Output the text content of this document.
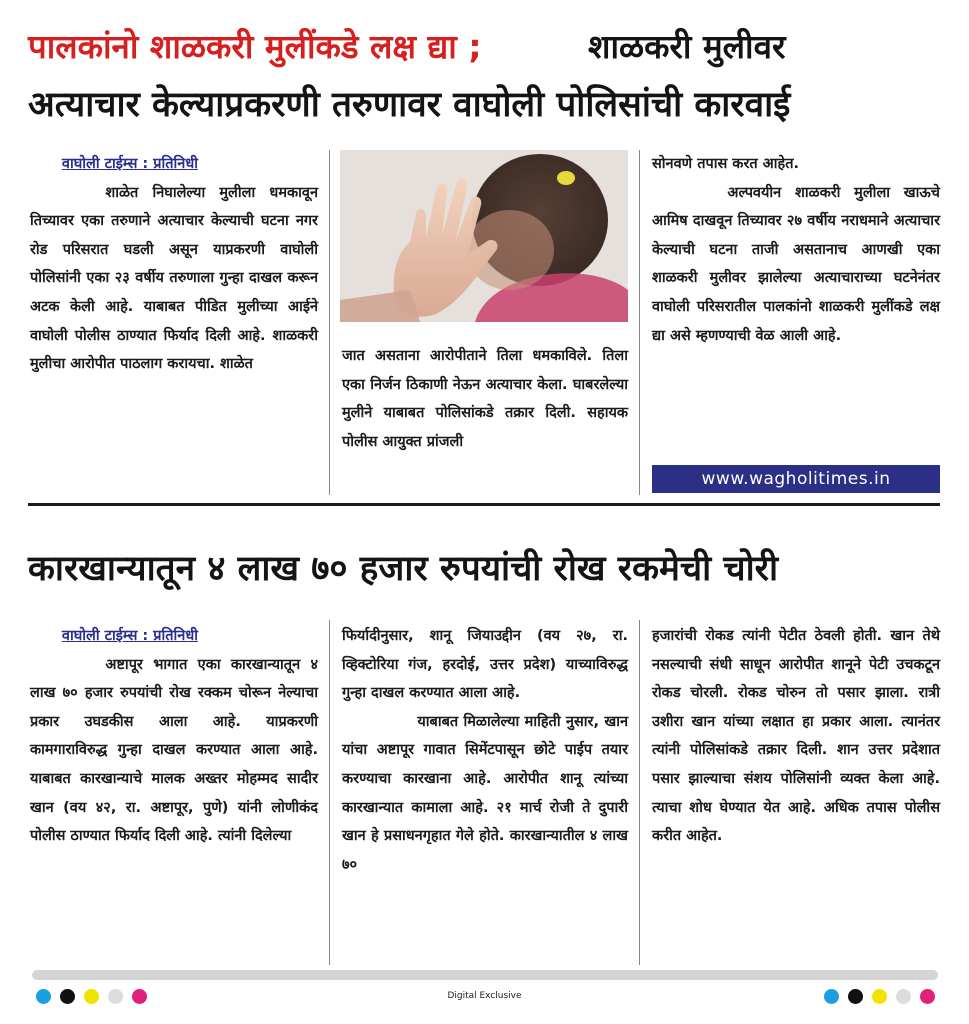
पालकांनो शाळकरी मुलींकडे लक्ष द्या ;	शाळकरी मुलीवर
अत्याचार केल्याप्रकरणी तरुणावर वाघोली पोलिसांची कारवाई
वाघोली टाईम्स : प्रतिनिधी

शाळेत निघालेल्या मुलीला धमकावून तिच्यावर एका तरुणाने अत्याचार केल्याची घटना नगर रोड परिसरात घडली असून याप्रकरणी वाघोली पोलिसांनी एका २३ वर्षीय तरुणाला गुन्हा दाखल करून अटक केली आहे. याबाबत पीडित मुलीच्या आईने वाघोली पोलीस ठाण्यात फिर्याद दिली आहे. शाळकरी मुलीचा आरोपीत पाठलाग करायचा. शाळेत

जात असताना आरोपीताने तिला धमकाविले. तिला एका निर्जन ठिकाणी नेऊन अत्याचार केला. घाबरलेल्या मुलीने याबाबत पोलिसांकडे तक्रार दिली. सहायक पोलीस आयुक्त प्रांजली

सोनवणे तपास करत आहेत.

अल्पवयीन शाळकरी मुलीला खाऊचे आमिष दाखवून तिच्यावर २७ वर्षीय नराधमाने अत्याचार केल्याची घटना ताजी असतानाच आणखी एका शाळकरी मुलीवर झालेल्या अत्याचाराच्या घटनेनंतर वाघोली परिसरातील पालकांनो शाळकरी मुलींकडे लक्ष द्या असे म्हणण्याची वेळ आली आहे.

www.wagholitimes.in
कारखान्यातून ४ लाख ७० हजार रुपयांची रोख रकमेची चोरी
वाघोली टाईम्स : प्रतिनिधी

अष्टापूर भागात एका कारखान्यातून ४ लाख ७० हजार रुपयांची रोख रक्कम चोरून नेल्याचा प्रकार उघडकीस आला आहे. याप्रकरणी कामगाराविरुद्ध गुन्हा दाखल करण्यात आला आहे. याबाबत कारखान्याचे मालक अख्तर मोहम्मद सादीर खान (वय ४२, रा. अष्टापूर, पुणे) यांनी लोणीकंद पोलीस ठाण्यात फिर्याद दिली आहे. त्यांनी दिलेल्या

फिर्यादीनुसार, शानू जियाउद्दीन (वय २७, रा. व्हिक्टोरिया गंज, हरदोई, उत्तर प्रदेश) याच्याविरुद्ध गुन्हा दाखल करण्यात आला आहे.

याबाबत मिळालेल्या माहिती नुसार, खान यांचा अष्टापूर गावात सिमेंटपासून छोटे पाईप तयार करण्याचा कारखाना आहे. आरोपीत शानू त्यांच्या कारखान्यात कामाला आहे. २१ मार्च रोजी ते दुपारी खान हे प्रसाधनगृहात गेले होते. कारखान्यातील ४ लाख ७०

हजारांची रोकड त्यांनी पेटीत ठेवली होती. खान तेथे नसल्याची संधी साधून आरोपीत शानूने पेटी उचकटून रोकड चोरली. रोकड चोरुन तो पसार झाला. रात्री उशीरा खान यांच्या लक्षात हा प्रकार आला. त्यानंतर त्यांनी पोलिसांकडे तक्रार दिली. शान उत्तर प्रदेशात पसार झाल्याचा संशय पोलिसांनी व्यक्त केला आहे. त्याचा शोध घेण्यात येत आहे. अधिक तपास पोलीस करीत आहेत.

Digital Exclusive
